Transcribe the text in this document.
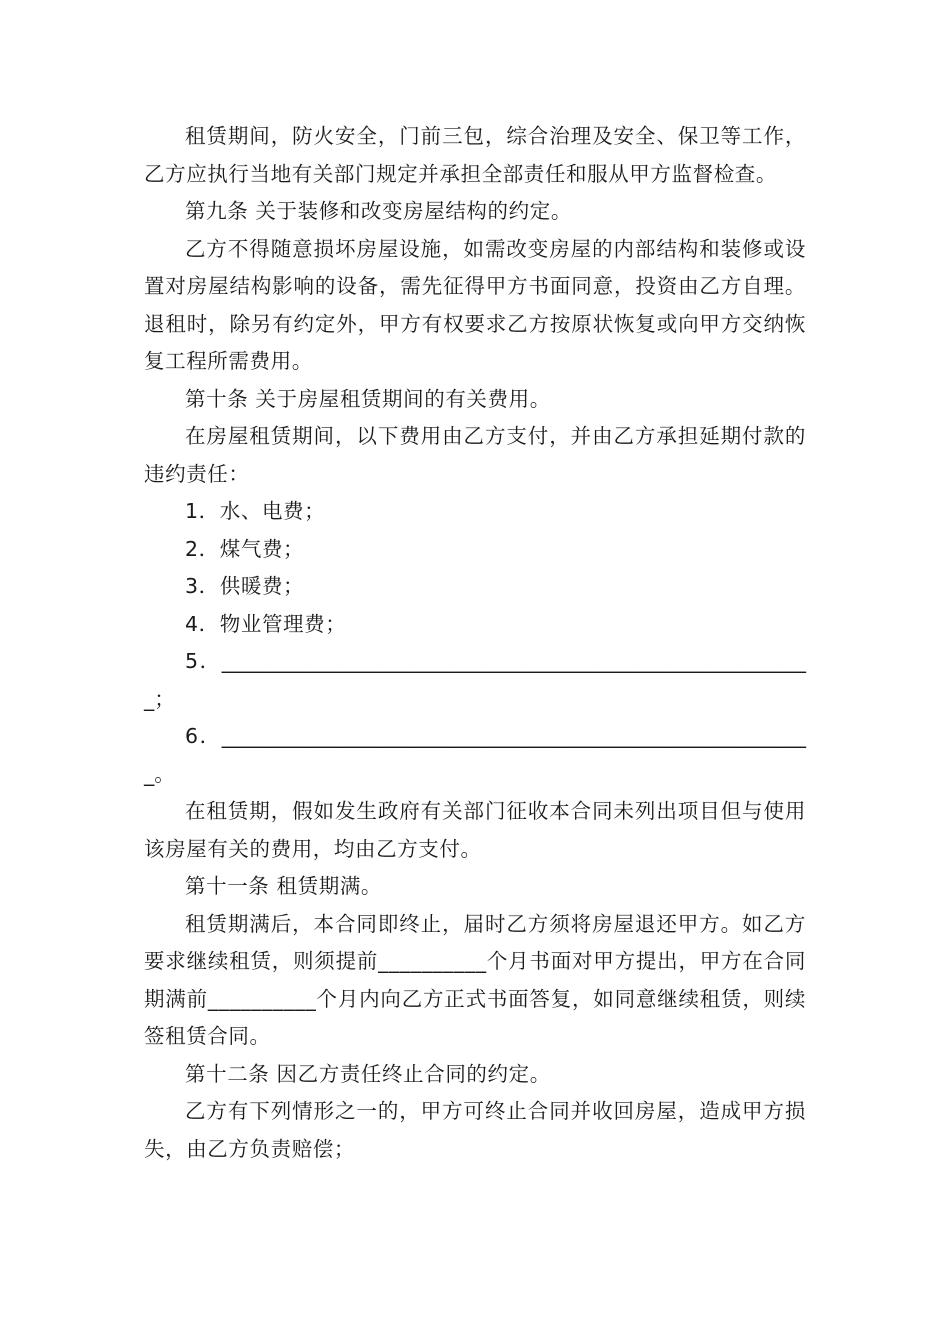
租赁期间，防火安全，门前三包，综合治理及安全、保卫等工作，乙方应执行当地有关部门规定并承担全部责任和服从甲方监督检查。

第九条 关于装修和改变房屋结构的约定。

乙方不得随意损坏房屋设施，如需改变房屋的内部结构和装修或设置对房屋结构影响的设备，需先征得甲方书面同意，投资由乙方自理。退租时，除另有约定外，甲方有权要求乙方按原状恢复或向甲方交纳恢复工程所需费用。

第十条 关于房屋租赁期间的有关费用。

在房屋租赁期间，以下费用由乙方支付，并由乙方承担延期付款的违约责任：

1．水、电费；

2．煤气费；

3．供暖费；

4．物业管理费；

5．__________________________________________________________；

6．__________________________________________________________。

在租赁期，假如发生政府有关部门征收本合同未列出项目但与使用该房屋有关的费用，均由乙方支付。

第十一条 租赁期满。

租赁期满后，本合同即终止，届时乙方须将房屋退还甲方。如乙方要求继续租赁，则须提前__________个月书面对甲方提出，甲方在合同期满前__________个月内向乙方正式书面答复，如同意继续租赁，则续签租赁合同。

第十二条 因乙方责任终止合同的约定。

乙方有下列情形之一的，甲方可终止合同并收回房屋，造成甲方损失，由乙方负责赔偿；
